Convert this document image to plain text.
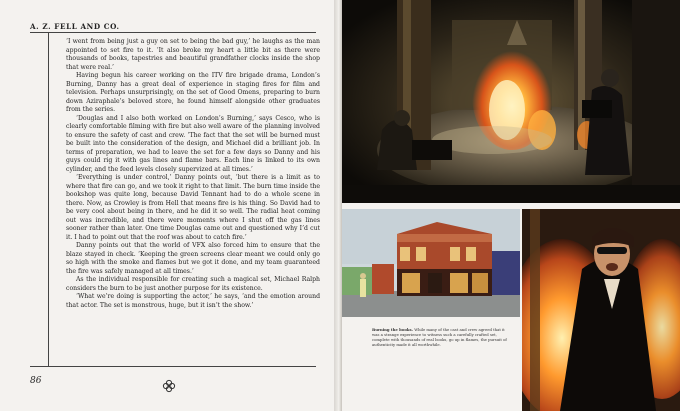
A. Z. FELL AND CO.

‘I went from being just a guy on set to being the bad guy,’ he laughs as the man appointed to set fire to it. ‘It also broke my heart a little bit as there were thousands of books, tapestries and beautiful grandfather clocks inside the shop that were real.’

Having begun his career working on the ITV fire brigade drama, London’s Burning, Danny has a great deal of experience in staging fires for film and television. Perhaps unsurprisingly, on the set of Good Omens, preparing to burn down Aziraphale’s beloved store, he found himself alongside other graduates from the series.

‘Douglas and I also both worked on London’s Burning,’ says Cesco, who is clearly comfortable filming with fire but also well aware of the planning involved to ensure the safety of cast and crew. ‘The fact that the set will be burned must be built into the consideration of the design, and Michael did a brilliant job. In terms of preparation, we had to leave the set for a few days so Danny and his guys could rig it with gas lines and flame bars. Each line is linked to its own cylinder, and the feed levels closely supervized at all times.’

‘Everything is under control,’ Danny points out, ‘but there is a limit as to where that fire can go, and we took it right to that limit. The burn time inside the bookshop was quite long, because David Tennant had to do a whole scene in there. Now, as Crowley is from Hell that means fire is his thing. So David had to be very cool about being in there, and he did it so well. The radial heat coming out was incredible, and there were moments where I shut off the gas lines sooner rather than later. One time Douglas came out and questioned why I’d cut it. I had to point out that the roof was about to catch fire.’

Danny points out that the world of VFX also forced him to ensure that the blaze stayed in check. ‘Keeping the green screens clear meant we could only go so high with the smoke and flames but we got it done, and my team guaranteed the fire was safely managed at all times.’

As the individual responsible for creating such a magical set, Michael Ralph considers the burn to be just another purpose for its existence.

‘What we’re doing is supporting the actor,’ he says, ‘and the emotion around that actor. The set is monstrous, huge, but it isn’t the show.’

86
Burning the books. While many of the cast and crew agreed that it was a strange experience to witness such a carefully crafted set, complete with thousands of real books, go up in flames, the pursuit of authenticity made it all worthwhile.
